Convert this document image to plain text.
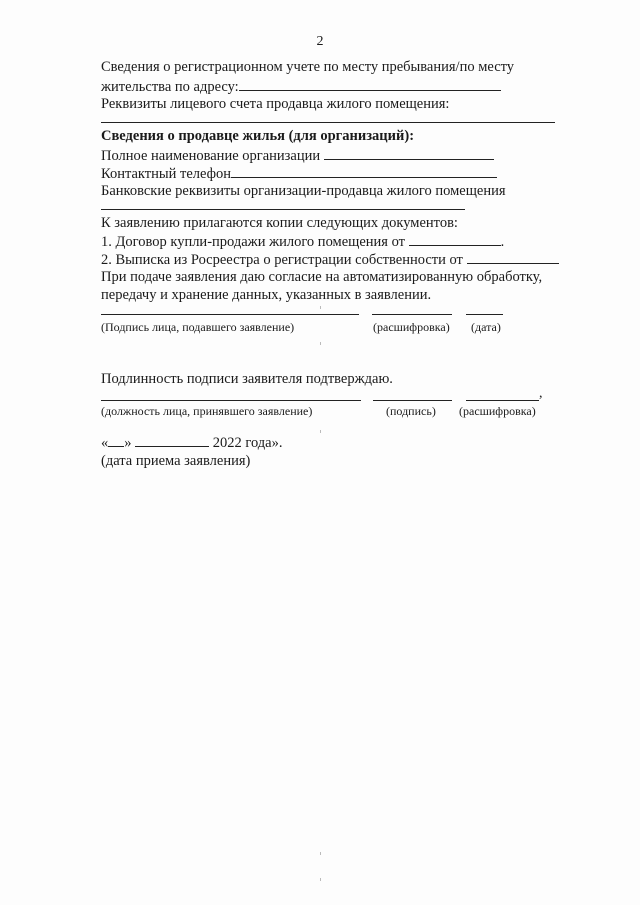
2
Сведения о регистрационном учете по месту пребывания/по месту
жительства по адресу:
Реквизиты лицевого счета продавца жилого помещения:
Сведения о продавце жилья (для организаций):
Полное наименование организации
Контактный телефон
Банковские реквизиты организации-продавца жилого помещения
К заявлению прилагаются копии следующих документов:
1. Договор купли-продажи жилого помещения от	.
2. Выписка из Росреестра о регистрации собственности от
При подаче заявления даю согласие на автоматизированную обработку,
передачу и хранение данных, указанных в заявлении.
(Подпись лица, подавшего заявление)	(расшифровка) (дата)
Подлинность подписи заявителя подтверждаю.
,
(должность лица, принявшего заявление)	(подпись) (расшифровка)
« »	2022 года».
(дата приема заявления)
